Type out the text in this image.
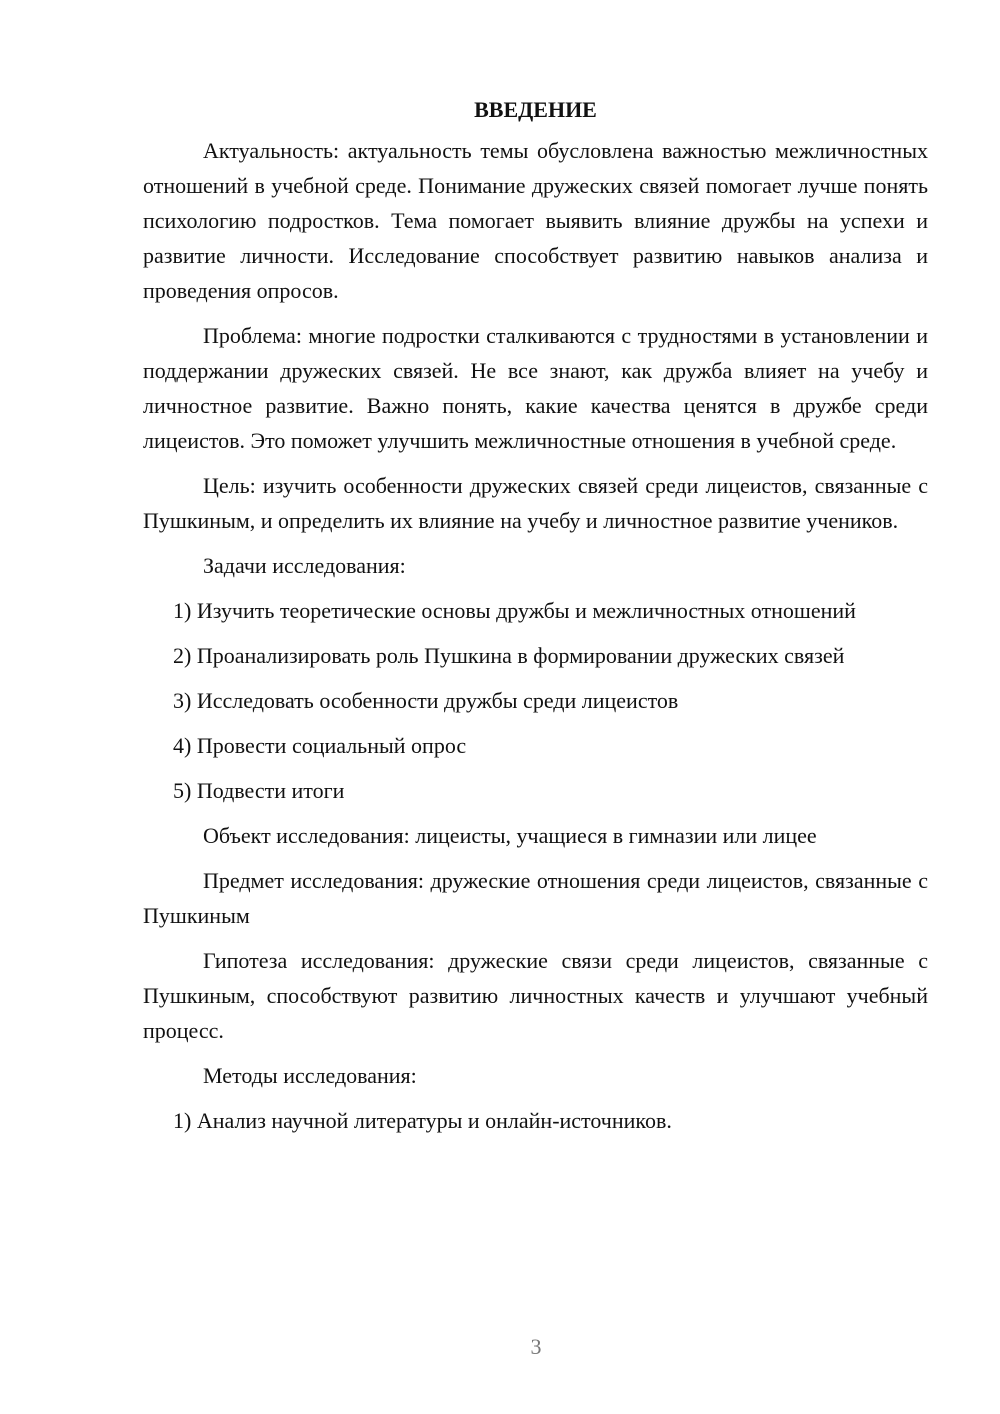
ВВЕДЕНИЕ

Актуальность: актуальность темы обусловлена важностью межличностных отношений в учебной среде. Понимание дружеских связей помогает лучше понять психологию подростков. Тема помогает выявить влияние дружбы на успехи и развитие личности. Исследование способствует развитию навыков анализа и проведения опросов.

Проблема: многие подростки сталкиваются с трудностями в установлении и поддержании дружеских связей. Не все знают, как дружба влияет на учебу и личностное развитие. Важно понять, какие качества ценятся в дружбе среди лицеистов. Это поможет улучшить межличностные отношения в учебной среде.

Цель: изучить особенности дружеских связей среди лицеистов, связанные с Пушкиным, и определить их влияние на учебу и личностное развитие учеников.

Задачи исследования:

1) Изучить теоретические основы дружбы и межличностных отношений

2) Проанализировать роль Пушкина в формировании дружеских связей

3) Исследовать особенности дружбы среди лицеистов

4) Провести социальный опрос

5) Подвести итоги

Объект исследования: лицеисты, учащиеся в гимназии или лицее

Предмет исследования: дружеские отношения среди лицеистов, связанные с Пушкиным

Гипотеза исследования: дружеские связи среди лицеистов, связанные с Пушкиным, способствуют развитию личностных качеств и улучшают учебный процесс.

Методы исследования:

1) Анализ научной литературы и онлайн-источников.

3
